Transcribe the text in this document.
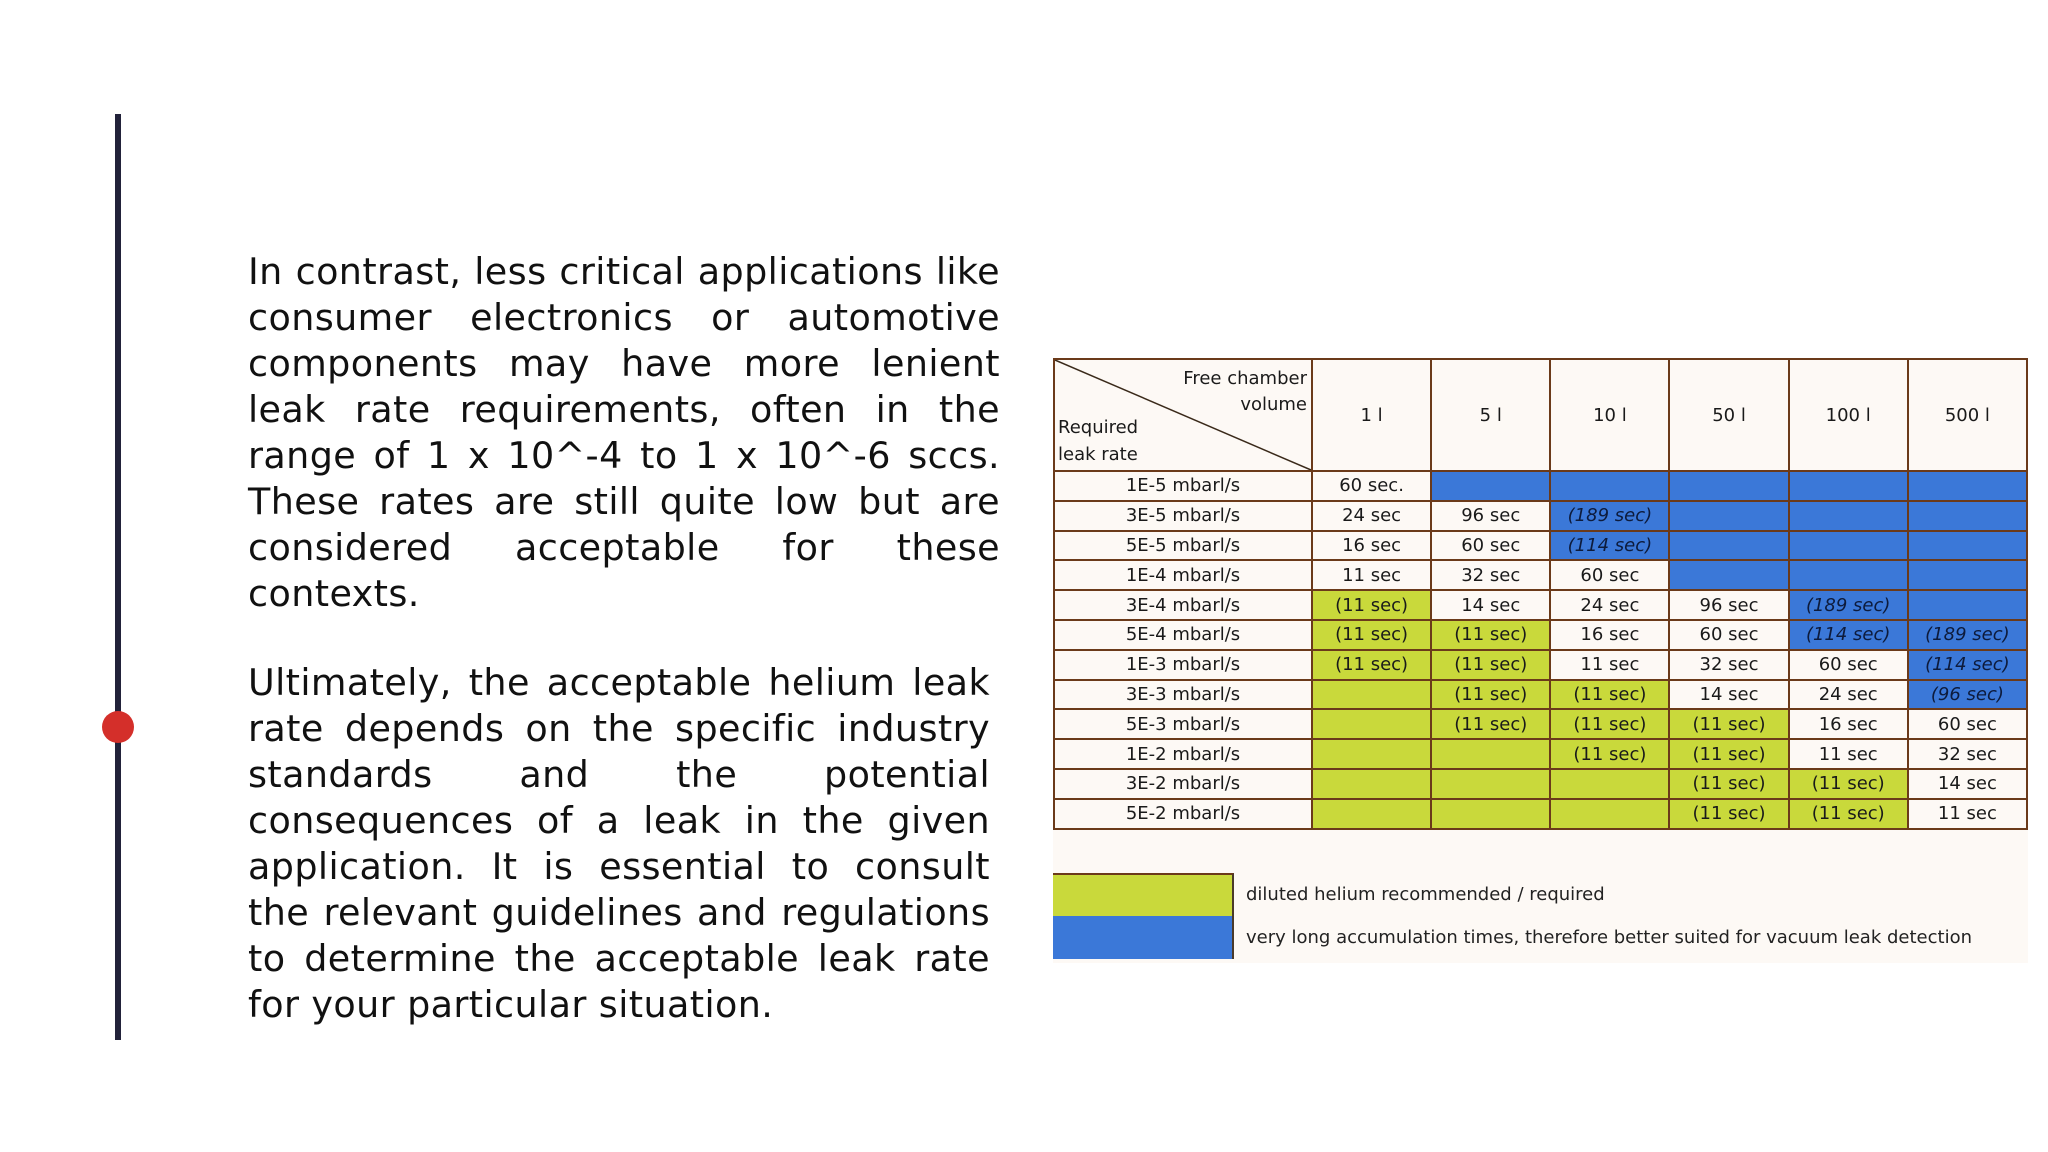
In contrast, less critical applications like consumer electronics or automotive components may have more lenient leak rate requirements, often in the range of 1 x 10^-4 to 1 x 10^-6 sccs. These rates are still quite low but are considered acceptable for these contexts.

Ultimately, the acceptable helium leak rate depends on the specific industry standards and the potential consequences of a leak in the given application. It is essential to consult the relevant guidelines and regulations to determine the acceptable leak rate for your particular situation.

Free chamber
volume
Required
leak rate	1 l	5 l	10 l	50 l	100 l	500 l
1E-5 mbarl/s	60 sec.					
3E-5 mbarl/s	24 sec	96 sec	(189 sec)			
5E-5 mbarl/s	16 sec	60 sec	(114 sec)			
1E-4 mbarl/s	11 sec	32 sec	60 sec			
3E-4 mbarl/s	(11 sec)	14 sec	24 sec	96 sec	(189 sec)	
5E-4 mbarl/s	(11 sec)	(11 sec)	16 sec	60 sec	(114 sec)	(189 sec)
1E-3 mbarl/s	(11 sec)	(11 sec)	11 sec	32 sec	60 sec	(114 sec)
3E-3 mbarl/s		(11 sec)	(11 sec)	14 sec	24 sec	(96 sec)
5E-3 mbarl/s		(11 sec)	(11 sec)	(11 sec)	16 sec	60 sec
1E-2 mbarl/s			(11 sec)	(11 sec)	11 sec	32 sec
3E-2 mbarl/s				(11 sec)	(11 sec)	14 sec
5E-2 mbarl/s				(11 sec)	(11 sec)	11 sec
diluted helium recommended / required
very long accumulation times, therefore better suited for vacuum leak detection
